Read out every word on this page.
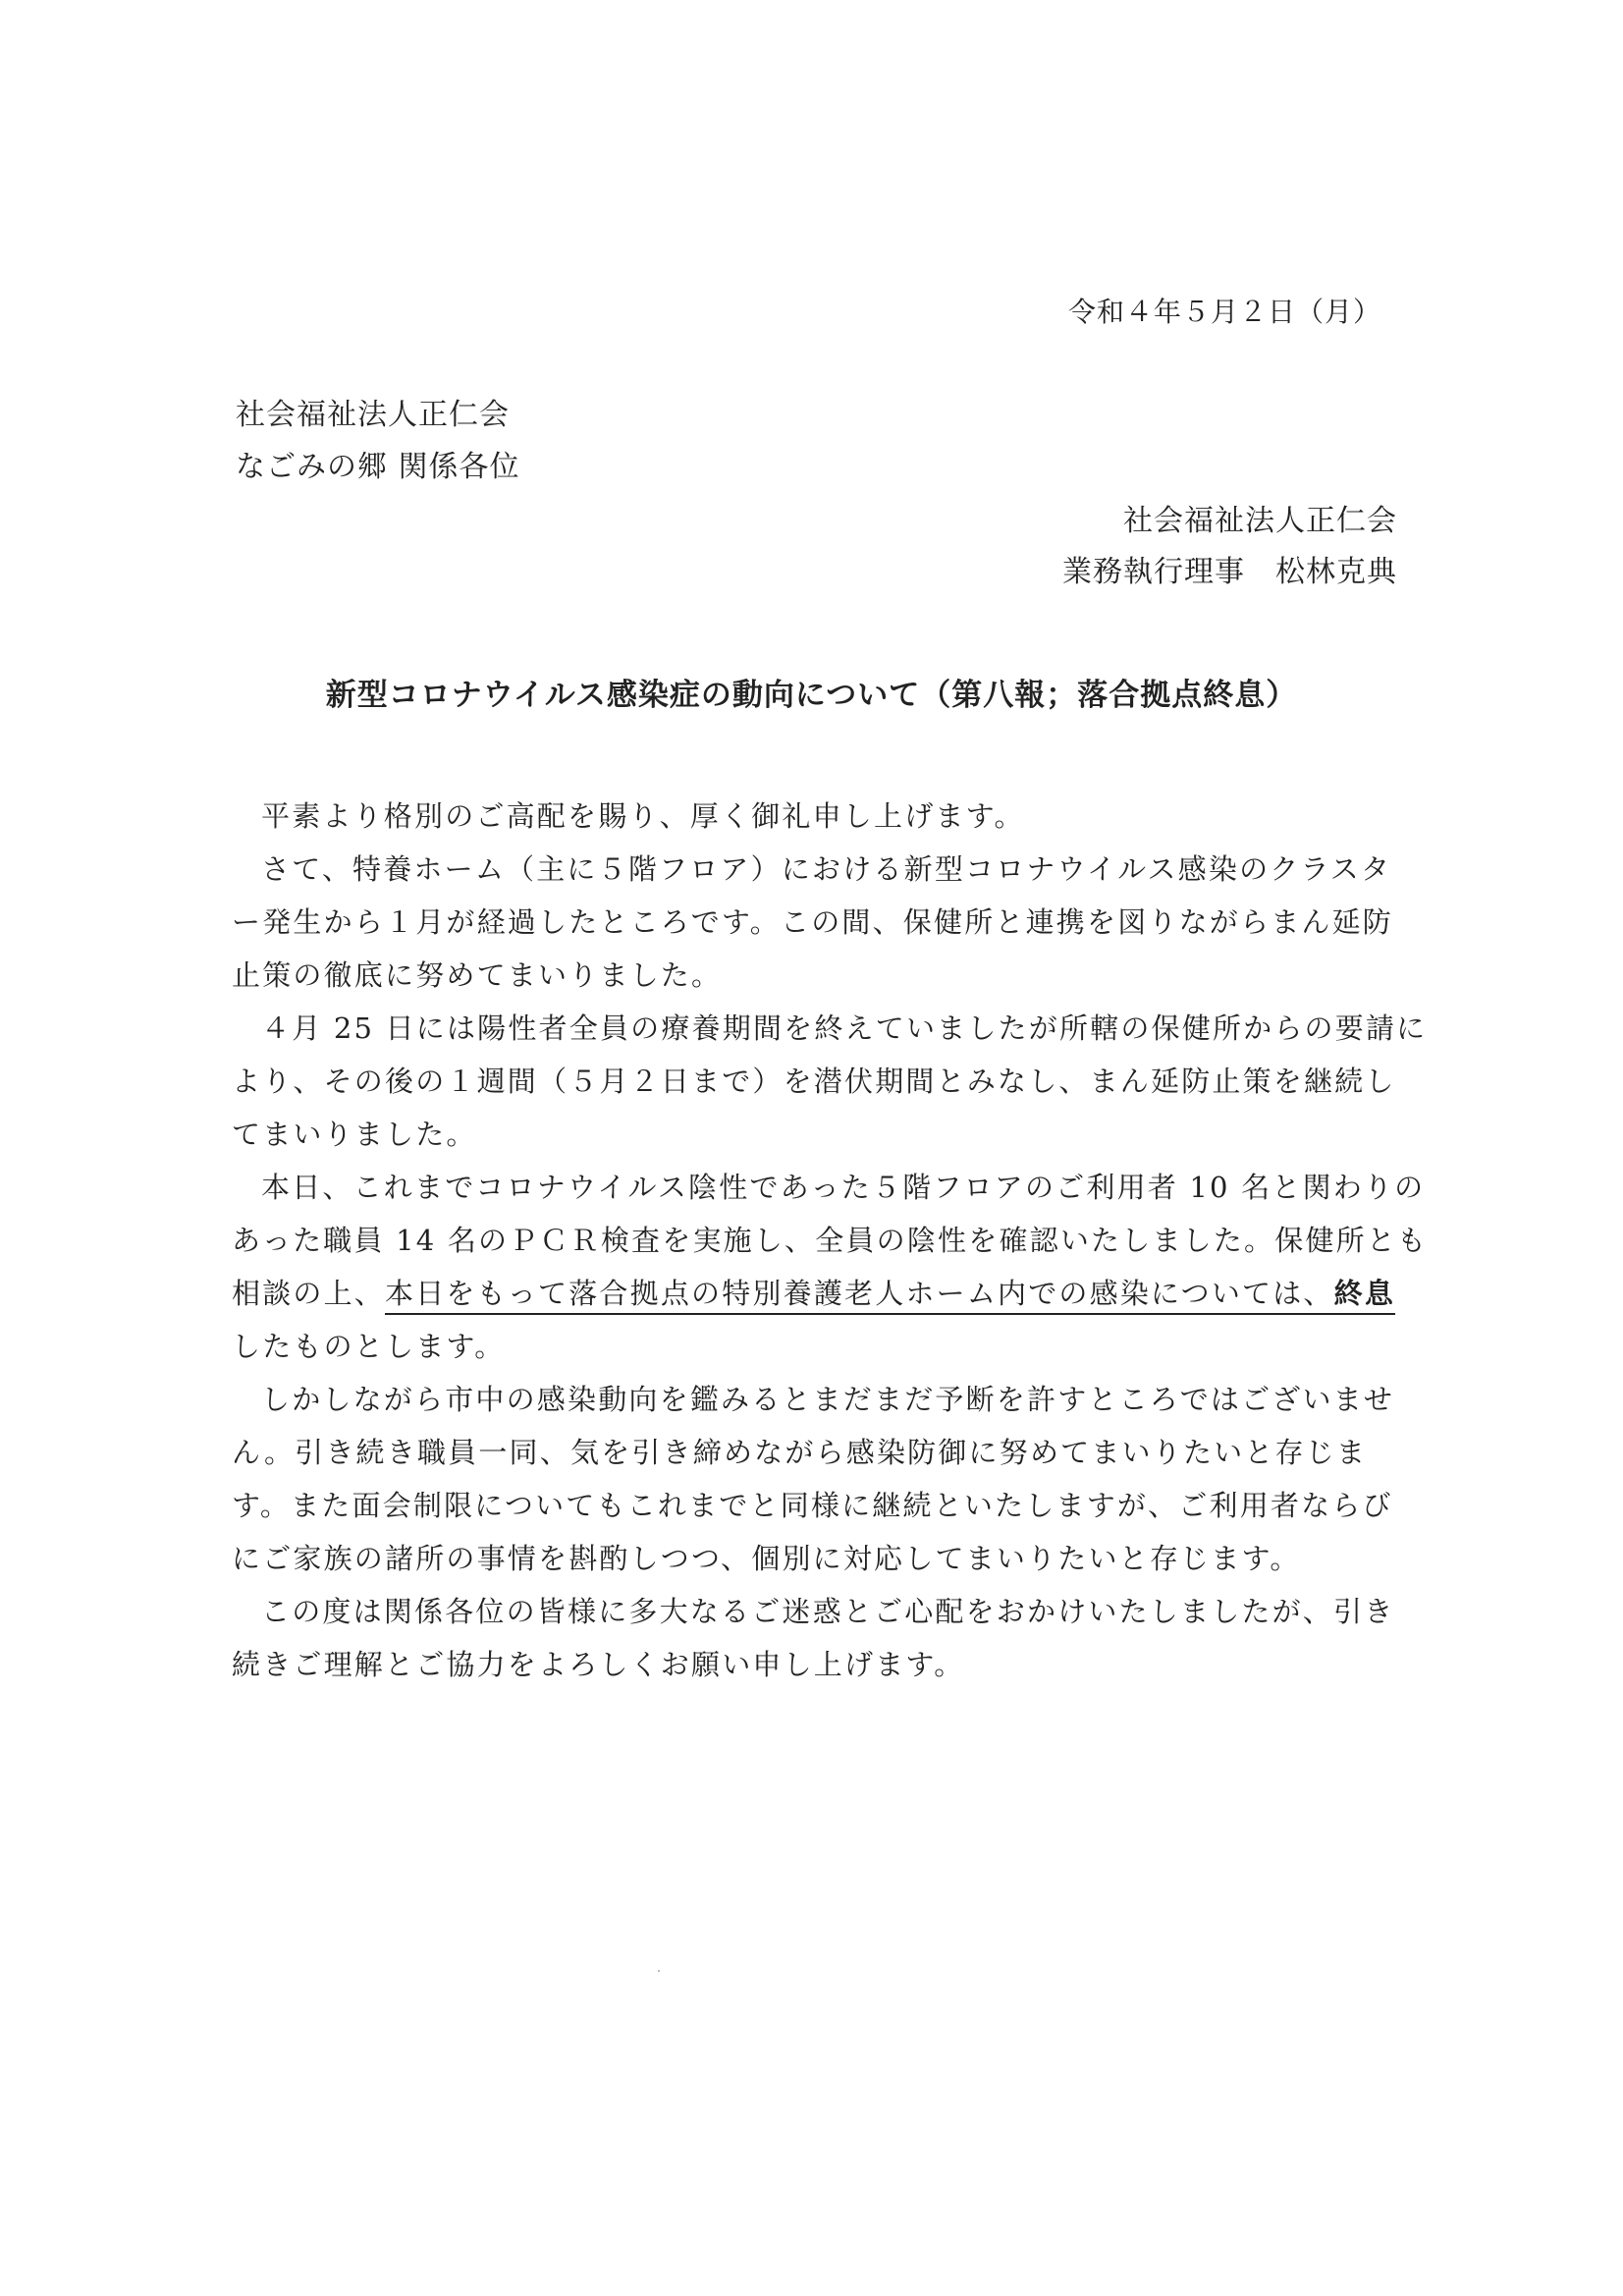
令和４年５月２日（月）
社会福祉法人正仁会
なごみの郷 関係各位
社会福祉法人正仁会
業務執行理事　松林克典
新型コロナウイルス感染症の動向について（第八報；落合拠点終息）
平素より格別のご高配を賜り、厚く御礼申し上げます。
さて、特養ホーム（主に５階フロア）における新型コロナウイルス感染のクラスタ
ー発生から１月が経過したところです。この間、保健所と連携を図りながらまん延防
止策の徹底に努めてまいりました。
４月 25 日には陽性者全員の療養期間を終えていましたが所轄の保健所からの要請に
より、その後の１週間（５月２日まで）を潜伏期間とみなし、まん延防止策を継続し
てまいりました。
本日、これまでコロナウイルス陰性であった５階フロアのご利用者 10 名と関わりの
あった職員 14 名のＰＣＲ検査を実施し、全員の陰性を確認いたしました。保健所とも
相談の上、本日をもって落合拠点の特別養護老人ホーム内での感染については、終息
したものとします。
しかしながら市中の感染動向を鑑みるとまだまだ予断を許すところではございませ
ん。引き続き職員一同、気を引き締めながら感染防御に努めてまいりたいと存じま
す。また面会制限についてもこれまでと同様に継続といたしますが、ご利用者ならび
にご家族の諸所の事情を斟酌しつつ、個別に対応してまいりたいと存じます。
この度は関係各位の皆様に多大なるご迷惑とご心配をおかけいたしましたが、引き
続きご理解とご協力をよろしくお願い申し上げます。
